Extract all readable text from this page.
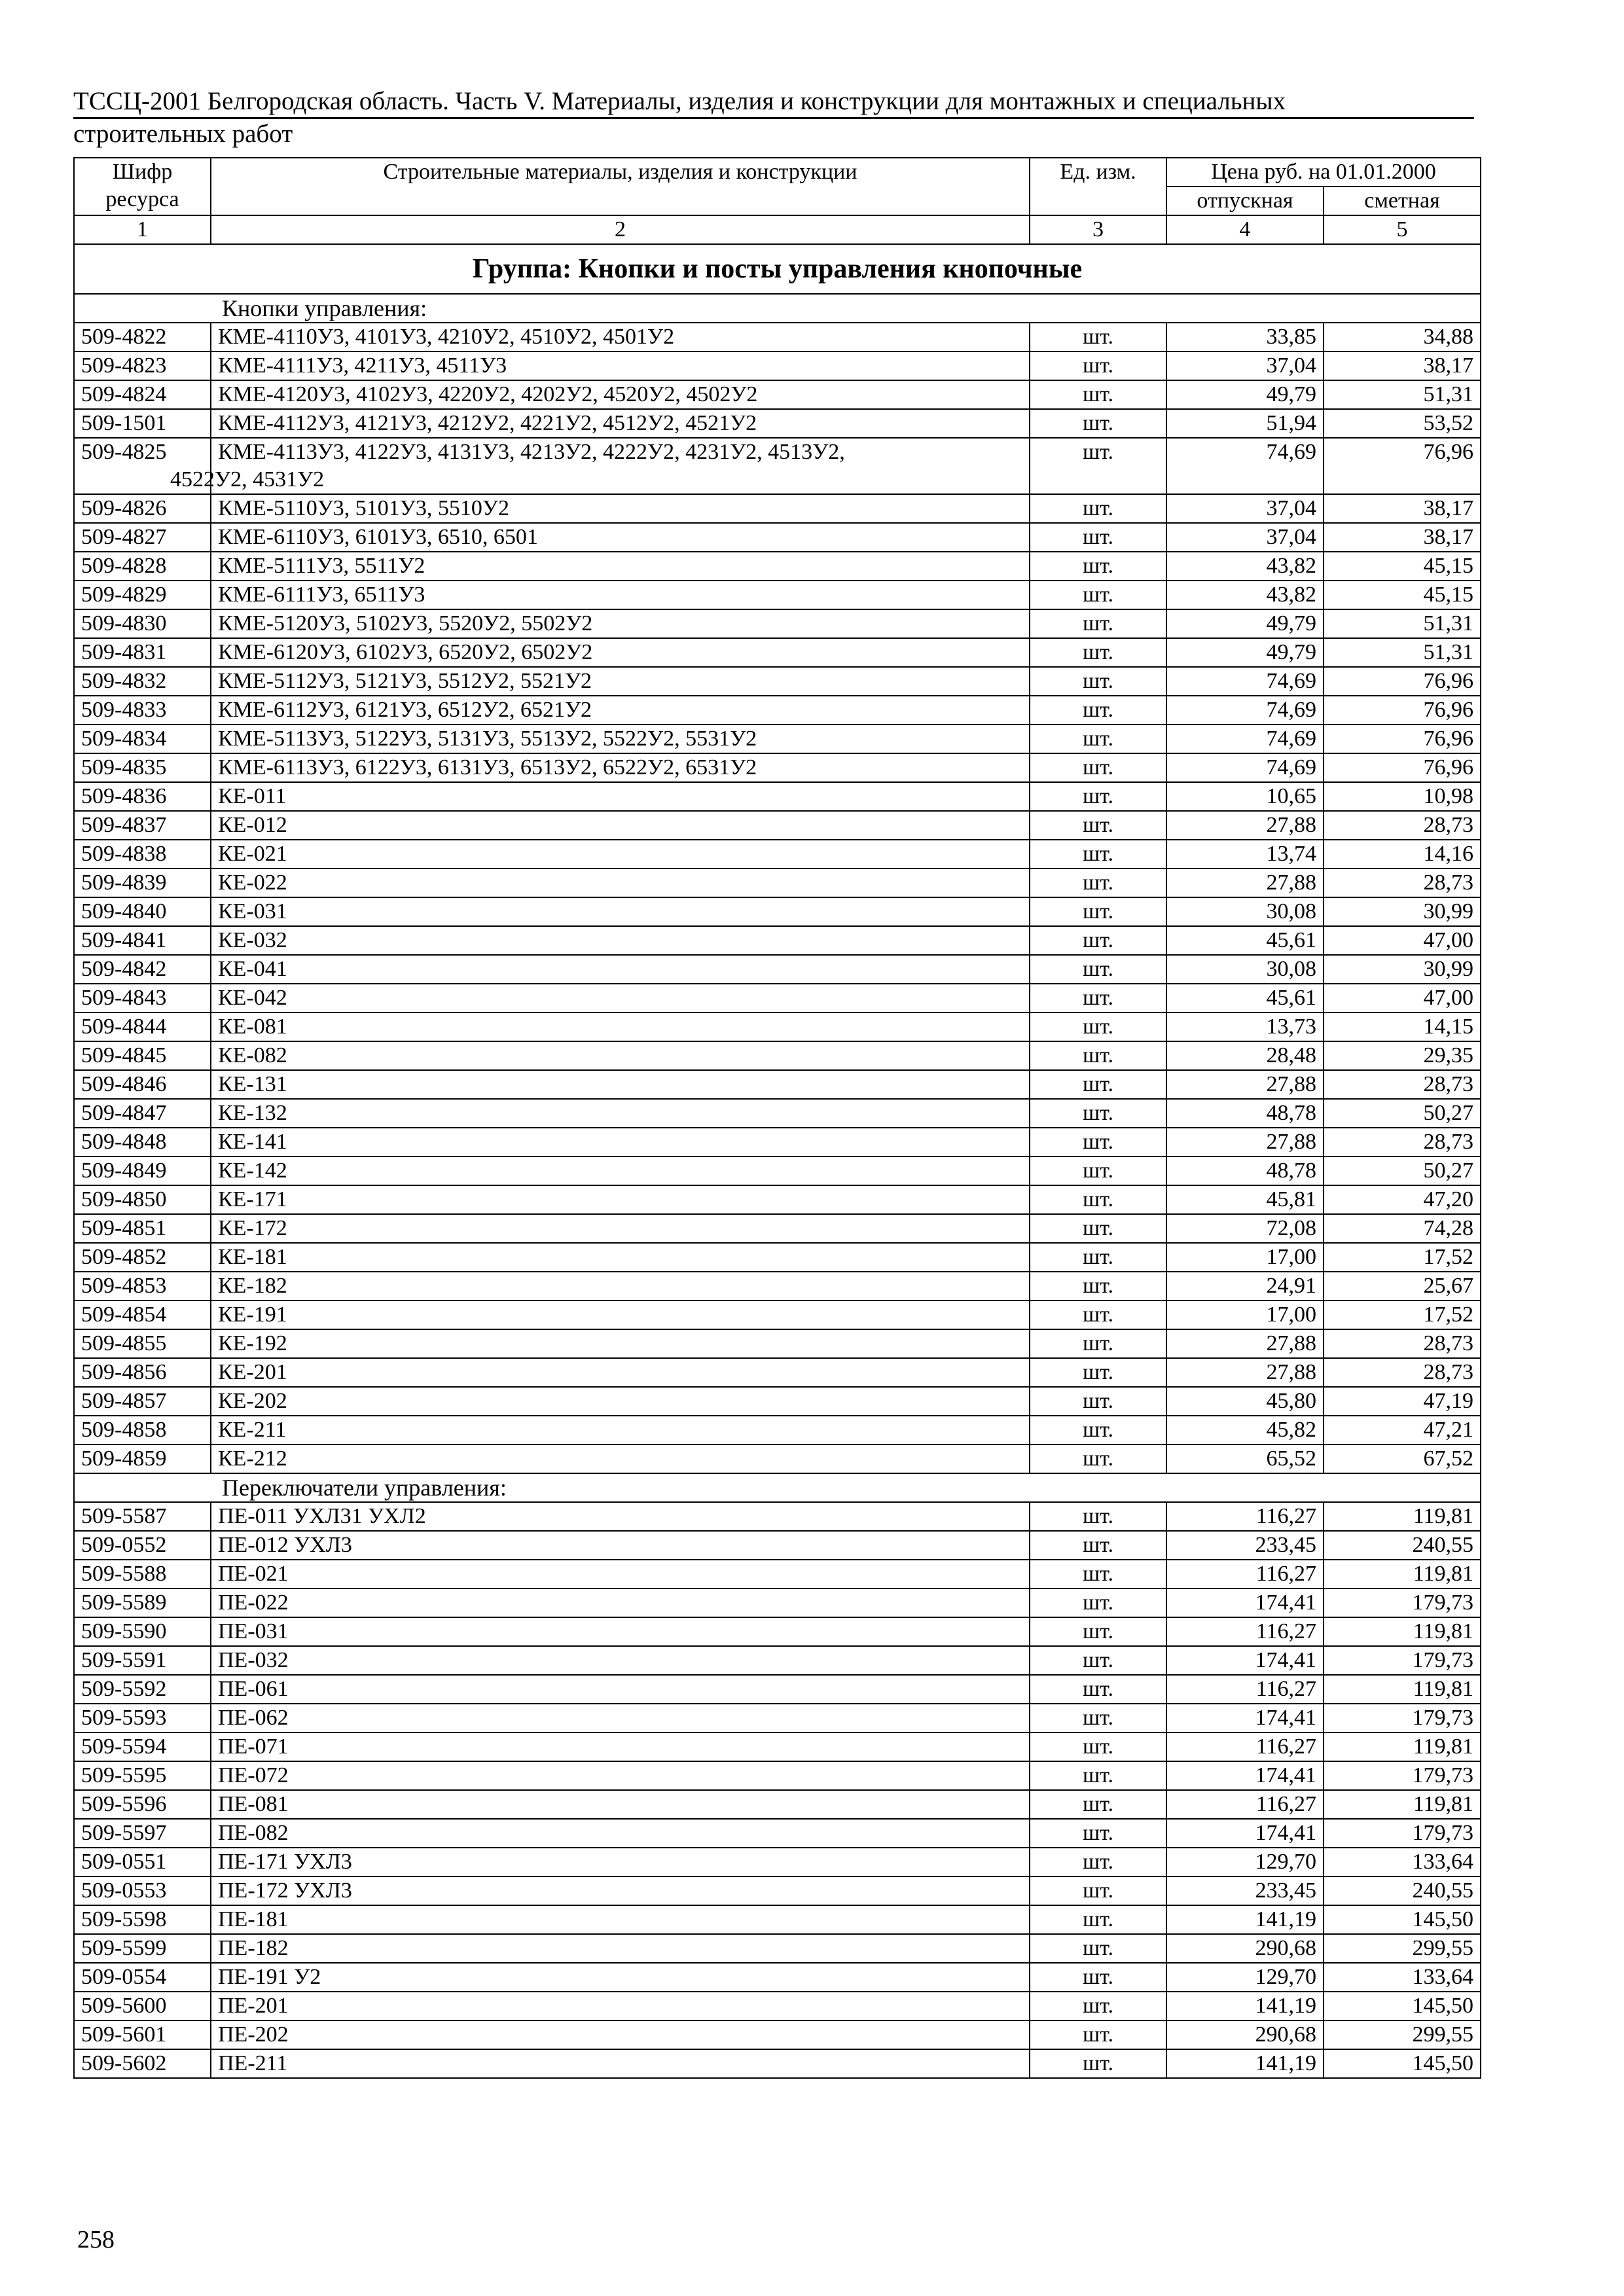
ТССЦ-2001 Белгородская область. Часть V. Материалы, изделия и конструкции для монтажных и специальных
строительных работ
Шифр ресурса	Строительные материалы, изделия и конструкции	Ед. изм.	Цена руб. на 01.01.2000	
			отпускная	сметная
1	2	3	4	5
Группа: Кнопки и посты управления кнопочные				
Кнопки управления:				
509-4822	КМЕ-4110У3, 4101У3, 4210У2, 4510У2, 4501У2	шт.	33,85	34,88
509-4823	КМЕ-4111У3, 4211У3, 4511У3	шт.	37,04	38,17
509-4824	КМЕ-4120У3, 4102У3, 4220У2, 4202У2, 4520У2, 4502У2	шт.	49,79	51,31
509-1501	КМЕ-4112У3, 4121У3, 4212У2, 4221У2, 4512У2, 4521У2	шт.	51,94	53,52
509-4825	КМЕ-4113У3, 4122У3, 4131У3, 4213У2, 4222У2, 4231У2, 4513У2,
4522У2, 4531У2	шт.	74,69	76,96
509-4826	КМЕ-5110У3, 5101У3, 5510У2	шт.	37,04	38,17
509-4827	КМЕ-6110У3, 6101У3, 6510, 6501	шт.	37,04	38,17
509-4828	КМЕ-5111У3, 5511У2	шт.	43,82	45,15
509-4829	КМЕ-6111У3, 6511У3	шт.	43,82	45,15
509-4830	КМЕ-5120У3, 5102У3, 5520У2, 5502У2	шт.	49,79	51,31
509-4831	КМЕ-6120У3, 6102У3, 6520У2, 6502У2	шт.	49,79	51,31
509-4832	КМЕ-5112У3, 5121У3, 5512У2, 5521У2	шт.	74,69	76,96
509-4833	КМЕ-6112У3, 6121У3, 6512У2, 6521У2	шт.	74,69	76,96
509-4834	КМЕ-5113У3, 5122У3, 5131У3, 5513У2, 5522У2, 5531У2	шт.	74,69	76,96
509-4835	КМЕ-6113У3, 6122У3, 6131У3, 6513У2, 6522У2, 6531У2	шт.	74,69	76,96
509-4836	КЕ-011	шт.	10,65	10,98
509-4837	КЕ-012	шт.	27,88	28,73
509-4838	КЕ-021	шт.	13,74	14,16
509-4839	КЕ-022	шт.	27,88	28,73
509-4840	КЕ-031	шт.	30,08	30,99
509-4841	КЕ-032	шт.	45,61	47,00
509-4842	КЕ-041	шт.	30,08	30,99
509-4843	КЕ-042	шт.	45,61	47,00
509-4844	КЕ-081	шт.	13,73	14,15
509-4845	КЕ-082	шт.	28,48	29,35
509-4846	КЕ-131	шт.	27,88	28,73
509-4847	КЕ-132	шт.	48,78	50,27
509-4848	КЕ-141	шт.	27,88	28,73
509-4849	КЕ-142	шт.	48,78	50,27
509-4850	КЕ-171	шт.	45,81	47,20
509-4851	КЕ-172	шт.	72,08	74,28
509-4852	КЕ-181	шт.	17,00	17,52
509-4853	КЕ-182	шт.	24,91	25,67
509-4854	КЕ-191	шт.	17,00	17,52
509-4855	КЕ-192	шт.	27,88	28,73
509-4856	КЕ-201	шт.	27,88	28,73
509-4857	КЕ-202	шт.	45,80	47,19
509-4858	КЕ-211	шт.	45,82	47,21
509-4859	КЕ-212	шт.	65,52	67,52
Переключатели управления:				
509-5587	ПЕ-011 УХЛ31 УХЛ2	шт.	116,27	119,81
509-0552	ПЕ-012 УХЛ3	шт.	233,45	240,55
509-5588	ПЕ-021	шт.	116,27	119,81
509-5589	ПЕ-022	шт.	174,41	179,73
509-5590	ПЕ-031	шт.	116,27	119,81
509-5591	ПЕ-032	шт.	174,41	179,73
509-5592	ПЕ-061	шт.	116,27	119,81
509-5593	ПЕ-062	шт.	174,41	179,73
509-5594	ПЕ-071	шт.	116,27	119,81
509-5595	ПЕ-072	шт.	174,41	179,73
509-5596	ПЕ-081	шт.	116,27	119,81
509-5597	ПЕ-082	шт.	174,41	179,73
509-0551	ПЕ-171 УХЛ3	шт.	129,70	133,64
509-0553	ПЕ-172 УХЛ3	шт.	233,45	240,55
509-5598	ПЕ-181	шт.	141,19	145,50
509-5599	ПЕ-182	шт.	290,68	299,55
509-0554	ПЕ-191 У2	шт.	129,70	133,64
509-5600	ПЕ-201	шт.	141,19	145,50
509-5601	ПЕ-202	шт.	290,68	299,55
509-5602	ПЕ-211	шт.	141,19	145,50
258
